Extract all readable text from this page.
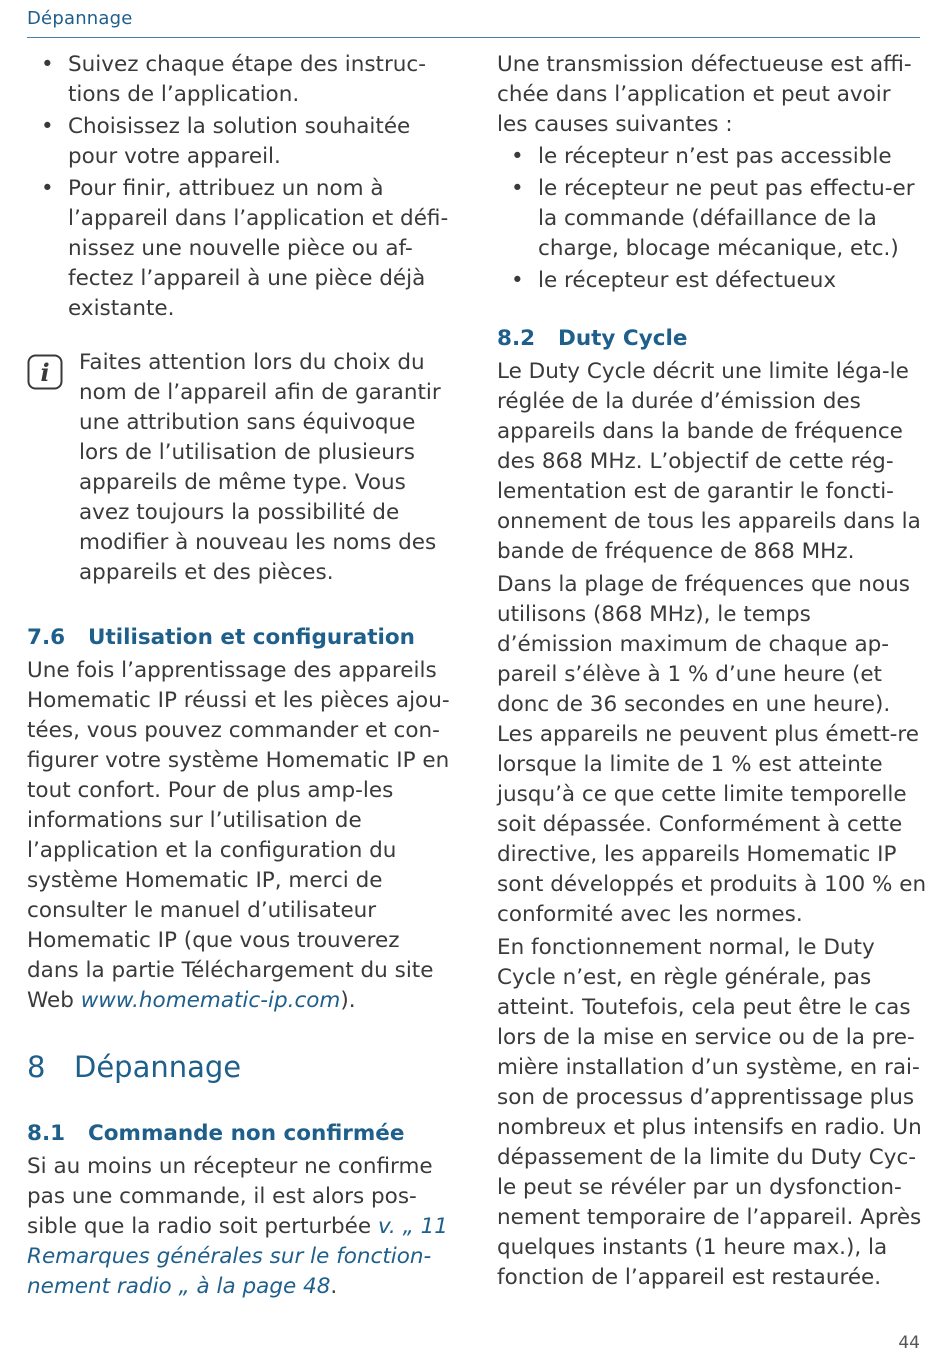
Dépannage
• Suivez chaque étape des instruc-tions de l’application.
• Choisissez la solution souhaitée pour votre appareil.
• Pour finir, attribuez un nom à l’appareil dans l’application et défi-nissez une nouvelle pièce ou af-fectez l’appareil à une pièce déjà existante.
i Faites attention lors du choix du nom de l’appareil afin de garantir une attribution sans équivoque lors de l’utilisation de plusieurs appareils de même type. Vous avez toujours la possibilité de modifier à nouveau les noms des appareils et des pièces.

7.6 Utilisation et configuration

Une fois l’apprentissage des appareils Homematic IP réussi et les pièces ajou-tées, vous pouvez commander et con-figurer votre système Homematic IP en tout confort. Pour de plus amp-les informations sur l’utilisation de l’application et la configuration du système Homematic IP, merci de consulter le manuel d’utilisateur Homematic IP (que vous trouverez dans la partie Téléchargement du site Web www.homematic-ip.com).

8 Dépannage
8.1 Commande non confirmée

Si au moins un récepteur ne confirme pas une commande, il est alors pos-sible que la radio soit perturbée v. „ 11 Remarques générales sur le fonction-nement radio „ à la page 48.

Une transmission défectueuse est affi-chée dans l’application et peut avoir les causes suivantes :

• le récepteur n’est pas accessible
• le récepteur ne peut pas effectu-er la commande (défaillance de la charge, blocage mécanique, etc.)
• le récepteur est défectueux
8.2 Duty Cycle

Le Duty Cycle décrit une limite léga-le réglée de la durée d’émission des appareils dans la bande de fréquence des 868 MHz. L’objectif de cette rég-lementation est de garantir le foncti-onnement de tous les appareils dans la bande de fréquence de 868 MHz.

Dans la plage de fréquences que nous utilisons (868 MHz), le temps d’émission maximum de chaque ap-pareil s’élève à 1 % d’une heure (et donc de 36 secondes en une heure). Les appareils ne peuvent plus émett-re lorsque la limite de 1 % est atteinte jusqu’à ce que cette limite temporelle soit dépassée. Conformément à cette directive, les appareils Homematic IP sont développés et produits à 100 % en conformité avec les normes.

En fonctionnement normal, le Duty Cycle n’est, en règle générale, pas atteint. Toutefois, cela peut être le cas lors de la mise en service ou de la pre-mière installation d’un système, en rai-son de processus d’apprentissage plus nombreux et plus intensifs en radio. Un dépassement de la limite du Duty Cyc-le peut se révéler par un dysfonction-nement temporaire de l’appareil. Après quelques instants (1 heure max.), la fonction de l’appareil est restaurée.

44
